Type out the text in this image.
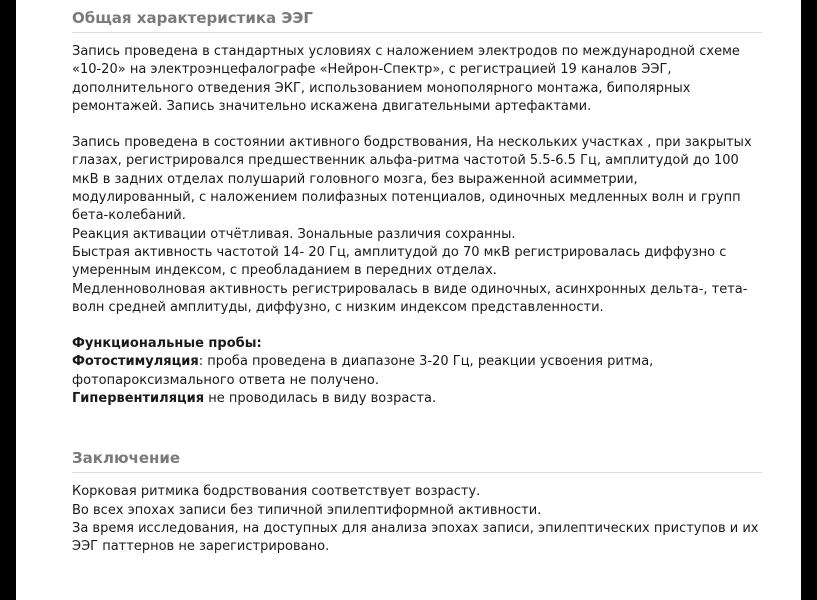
Общая характеристика ЭЭГ

Запись проведена в стандартных условиях с наложением электродов по международной схеме «10-20» на электроэнцефалографе «Нейрон-Спектр», с регистрацией 19 каналов ЭЭГ, дополнительного отведения ЭКГ, использованием монополярного монтажа, биполярных ремонтажей. Запись значительно искажена двигательными артефактами.

Запись проведена в состоянии активного бодрствования, На нескольких участках , при закрытых глазах, регистрировался предшественник альфа-ритма частотой 5.5-6.5 Гц, амплитудой до 100 мкВ в задних отделах полушарий головного мозга, без выраженной асимметрии, модулированный, с наложением полифазных потенциалов, одиночных медленных волн и групп бета-колебаний.

Реакция активации отчётливая. Зональные различия сохранны.

Быстрая активность частотой 14- 20 Гц, амплитудой до 70 мкВ регистрировалась диффузно с умеренным индексом, с преобладанием в передних отделах.

Медленноволновая активность регистрировалась в виде одиночных, асинхронных дельта-, тета-волн средней амплитуды, диффузно, с низким индексом представленности.

Функциональные пробы:

Фотостимуляция: проба проведена в диапазоне 3-20 Гц, реакции усвоения ритма, фотопароксизмального ответа не получено.

Гипервентиляция не проводилась в виду возраста.

Заключение

Корковая ритмика бодрствования соответствует возрасту.

Во всех эпохах записи без типичной эпилептиформной активности.

За время исследования, на доступных для анализа эпохах записи, эпилептических приступов и их ЭЭГ паттернов не зарегистрировано.
